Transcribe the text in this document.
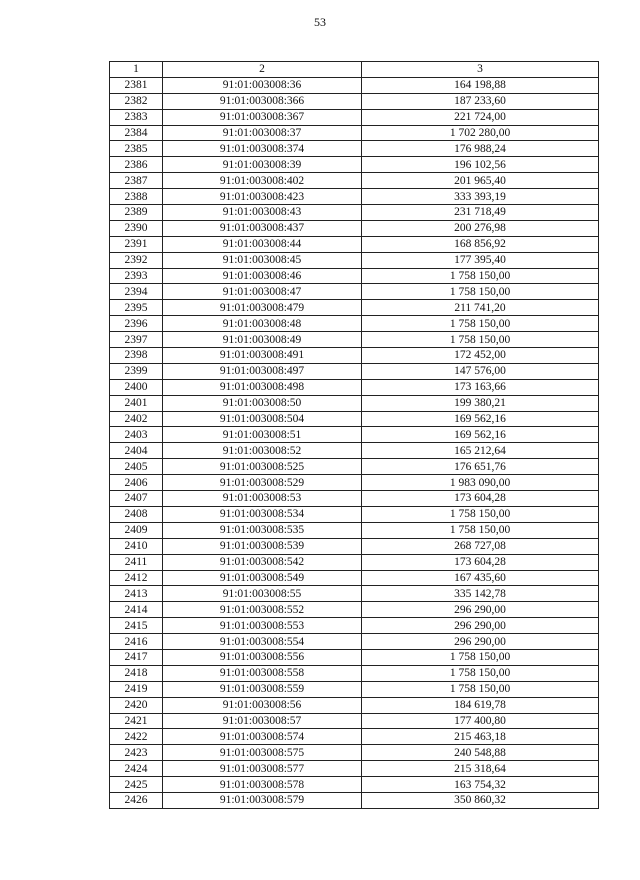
53
1	2	3
2381	91:01:003008:36	164 198,88
2382	91:01:003008:366	187 233,60
2383	91:01:003008:367	221 724,00
2384	91:01:003008:37	1 702 280,00
2385	91:01:003008:374	176 988,24
2386	91:01:003008:39	196 102,56
2387	91:01:003008:402	201 965,40
2388	91:01:003008:423	333 393,19
2389	91:01:003008:43	231 718,49
2390	91:01:003008:437	200 276,98
2391	91:01:003008:44	168 856,92
2392	91:01:003008:45	177 395,40
2393	91:01:003008:46	1 758 150,00
2394	91:01:003008:47	1 758 150,00
2395	91:01:003008:479	211 741,20
2396	91:01:003008:48	1 758 150,00
2397	91:01:003008:49	1 758 150,00
2398	91:01:003008:491	172 452,00
2399	91:01:003008:497	147 576,00
2400	91:01:003008:498	173 163,66
2401	91:01:003008:50	199 380,21
2402	91:01:003008:504	169 562,16
2403	91:01:003008:51	169 562,16
2404	91:01:003008:52	165 212,64
2405	91:01:003008:525	176 651,76
2406	91:01:003008:529	1 983 090,00
2407	91:01:003008:53	173 604,28
2408	91:01:003008:534	1 758 150,00
2409	91:01:003008:535	1 758 150,00
2410	91:01:003008:539	268 727,08
2411	91:01:003008:542	173 604,28
2412	91:01:003008:549	167 435,60
2413	91:01:003008:55	335 142,78
2414	91:01:003008:552	296 290,00
2415	91:01:003008:553	296 290,00
2416	91:01:003008:554	296 290,00
2417	91:01:003008:556	1 758 150,00
2418	91:01:003008:558	1 758 150,00
2419	91:01:003008:559	1 758 150,00
2420	91:01:003008:56	184 619,78
2421	91:01:003008:57	177 400,80
2422	91:01:003008:574	215 463,18
2423	91:01:003008:575	240 548,88
2424	91:01:003008:577	215 318,64
2425	91:01:003008:578	163 754,32
2426	91:01:003008:579	350 860,32
